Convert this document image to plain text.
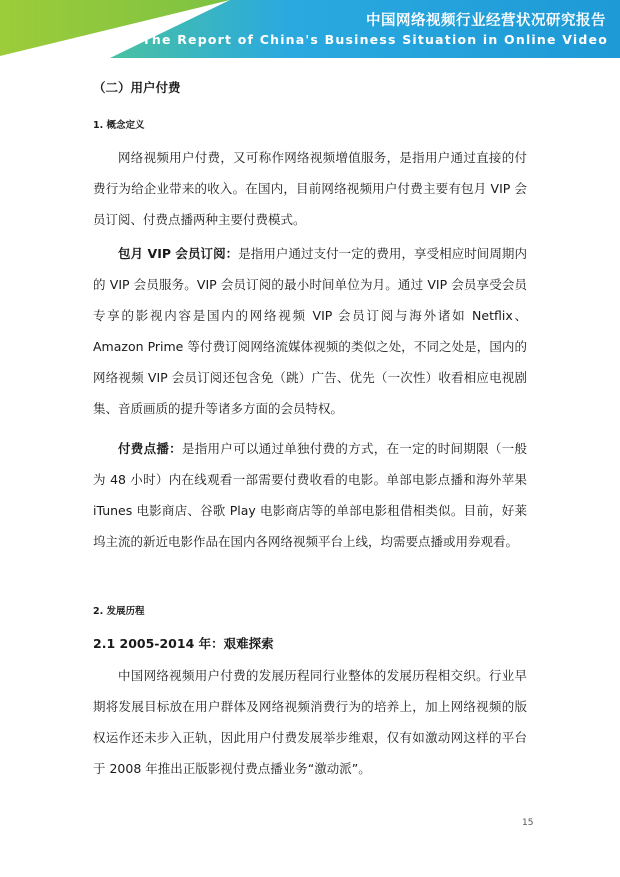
中国网络视频行业经营状况研究报告
The Report of China's Business Situation in Online Video
（二）用户付费
1. 概念定义

网络视频用户付费，又可称作网络视频增值服务，是指用户通过直接的付费行为给企业带来的收入。在国内，目前网络视频用户付费主要有包月 VIP 会员订阅、付费点播两种主要付费模式。

包月 VIP 会员订阅：是指用户通过支付一定的费用，享受相应时间周期内的 VIP 会员服务。VIP 会员订阅的最小时间单位为月。通过 VIP 会员享受会员专享的影视内容是国内的网络视频 VIP 会员订阅与海外诸如 Netflix、Amazon Prime 等付费订阅网络流媒体视频的类似之处，不同之处是，国内的网络视频 VIP 会员订阅还包含免（跳）广告、优先（一次性）收看相应电视剧集、音质画质的提升等诸多方面的会员特权。

付费点播：是指用户可以通过单独付费的方式，在一定的时间期限（一般为 48 小时）内在线观看一部需要付费收看的电影。单部电影点播和海外苹果 iTunes 电影商店、谷歌 Play 电影商店等的单部电影租借相类似。目前，好莱坞主流的新近电影作品在国内各网络视频平台上线，均需要点播或用券观看。

2. 发展历程
2.1 2005-2014 年：艰难探索

中国网络视频用户付费的发展历程同行业整体的发展历程相交织。行业早期将发展目标放在用户群体及网络视频消费行为的培养上，加上网络视频的版权运作还未步入正轨，因此用户付费发展举步维艰，仅有如激动网这样的平台于 2008 年推出正版影视付费点播业务“激动派”。

15
